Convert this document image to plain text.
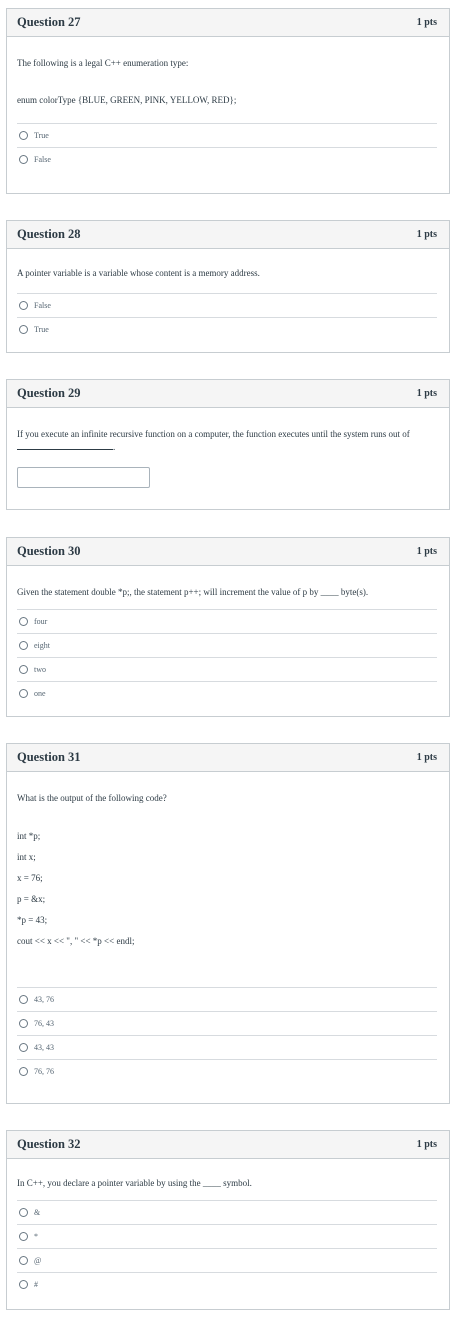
Question 27	1 pts

The following is a legal C++ enumeration type:

enum colorType {BLUE, GREEN, PINK, YELLOW, RED};

True
False
Question 28	1 pts

A pointer variable is a variable whose content is a memory address.

False
True
Question 29	1 pts

If you execute an infinite recursive function on a computer, the function executes until the system runs out of
.

Question 30	1 pts

Given the statement double *p;, the statement p++; will increment the value of p by ____ byte(s).

four
eight
two
one
Question 31	1 pts

What is the output of the following code?

int *p;

int x;

x = 76;

p = &x;

*p = 43;

cout << x << ", " << *p << endl;

43, 76
76, 43
43, 43
76, 76
Question 32	1 pts

In C++, you declare a pointer variable by using the ____ symbol.

&
*
@
#
